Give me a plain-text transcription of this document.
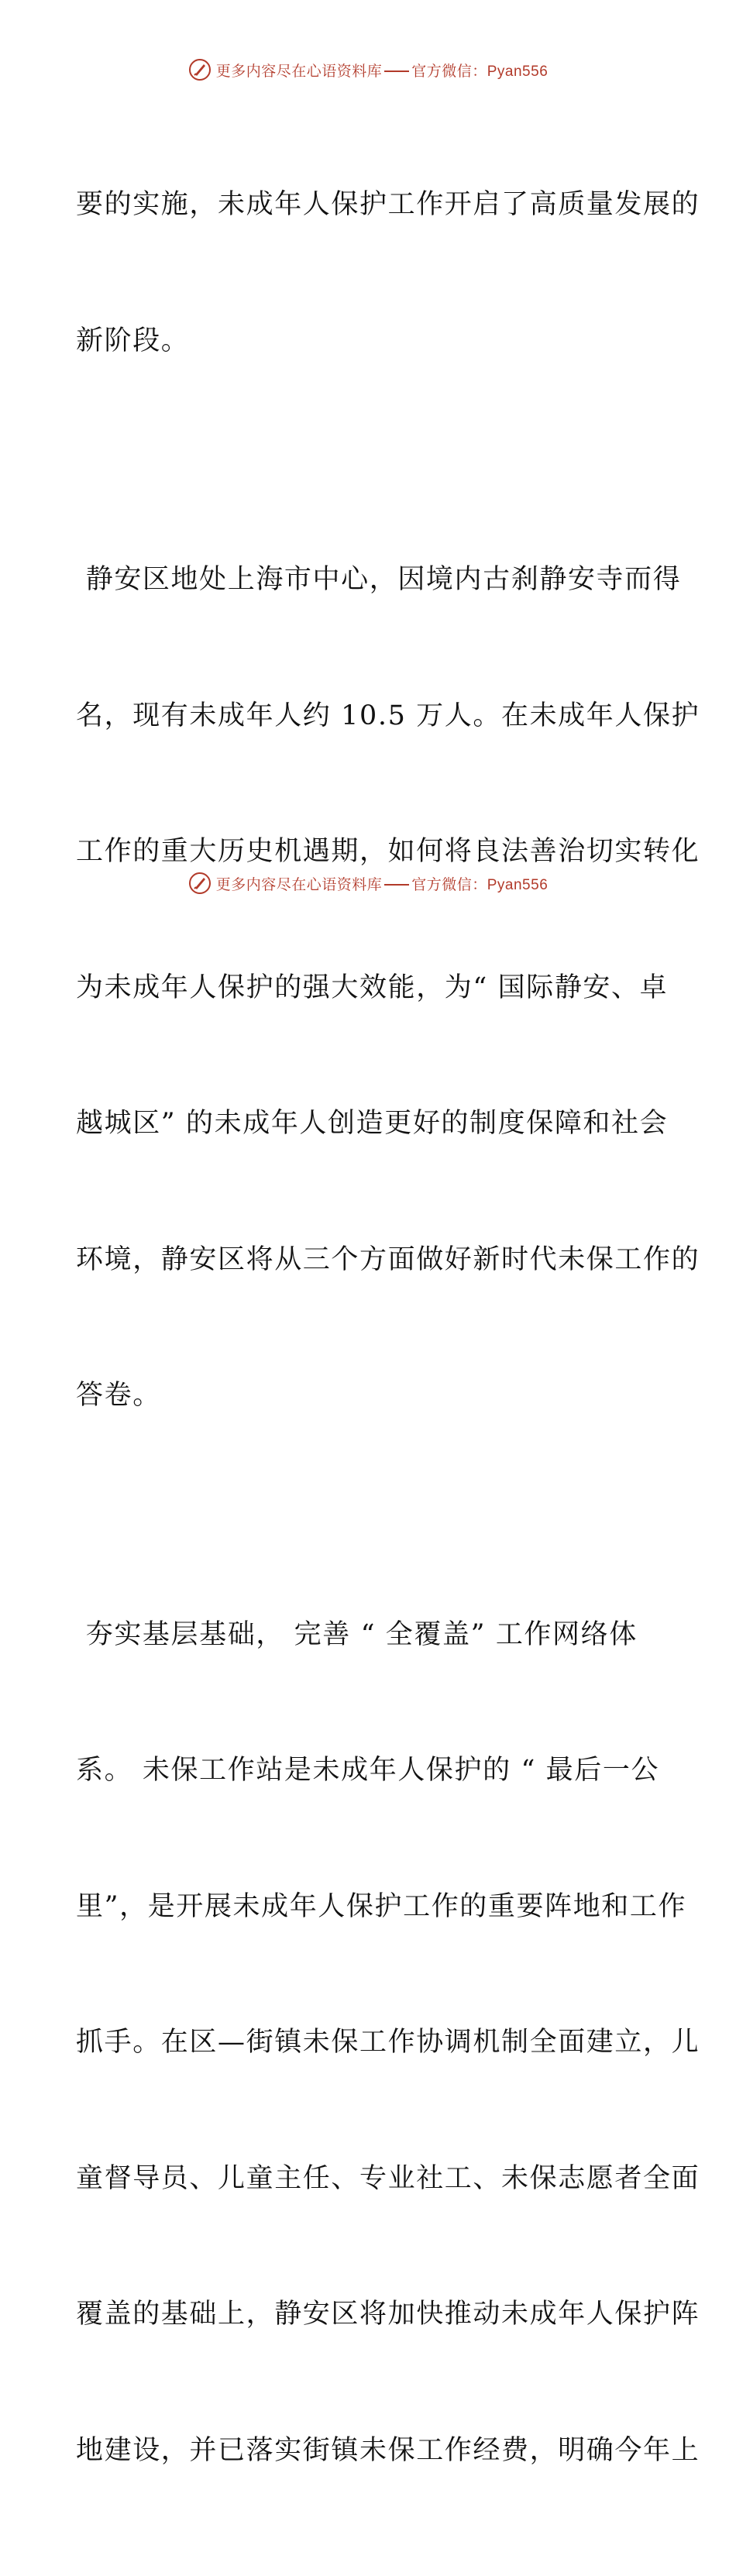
更多内容尽在心语资料库 官方微信：Pyan556

要的实施，未成年人保护工作开启了高质量发展的

新阶段。

静安区地处上海市中心，因境内古刹静安寺而得

名，现有未成年人约 10.5 万人。在未成年人保护

工作的重大历史机遇期，如何将良法善治切实转化

为未成年人保护的强大效能，为“ 国际静安、卓

越城区” 的未成年人创造更好的制度保障和社会

环境，静安区将从三个方面做好新时代未保工作的

答卷。

夯实基层基础， 完善 “ 全覆盖” 工作网络体

系。 未保工作站是未成年人保护的 “ 最后一公

里”，是开展未成年人保护工作的重要阵地和工作

抓手。在区—街镇未保工作协调机制全面建立，儿

童督导员、儿童主任、专业社工、未保志愿者全面

覆盖的基础上，静安区将加快推动未成年人保护阵

地建设，并已落实街镇未保工作经费，明确今年上

更多内容尽在心语资料库 官方微信：Pyan556
